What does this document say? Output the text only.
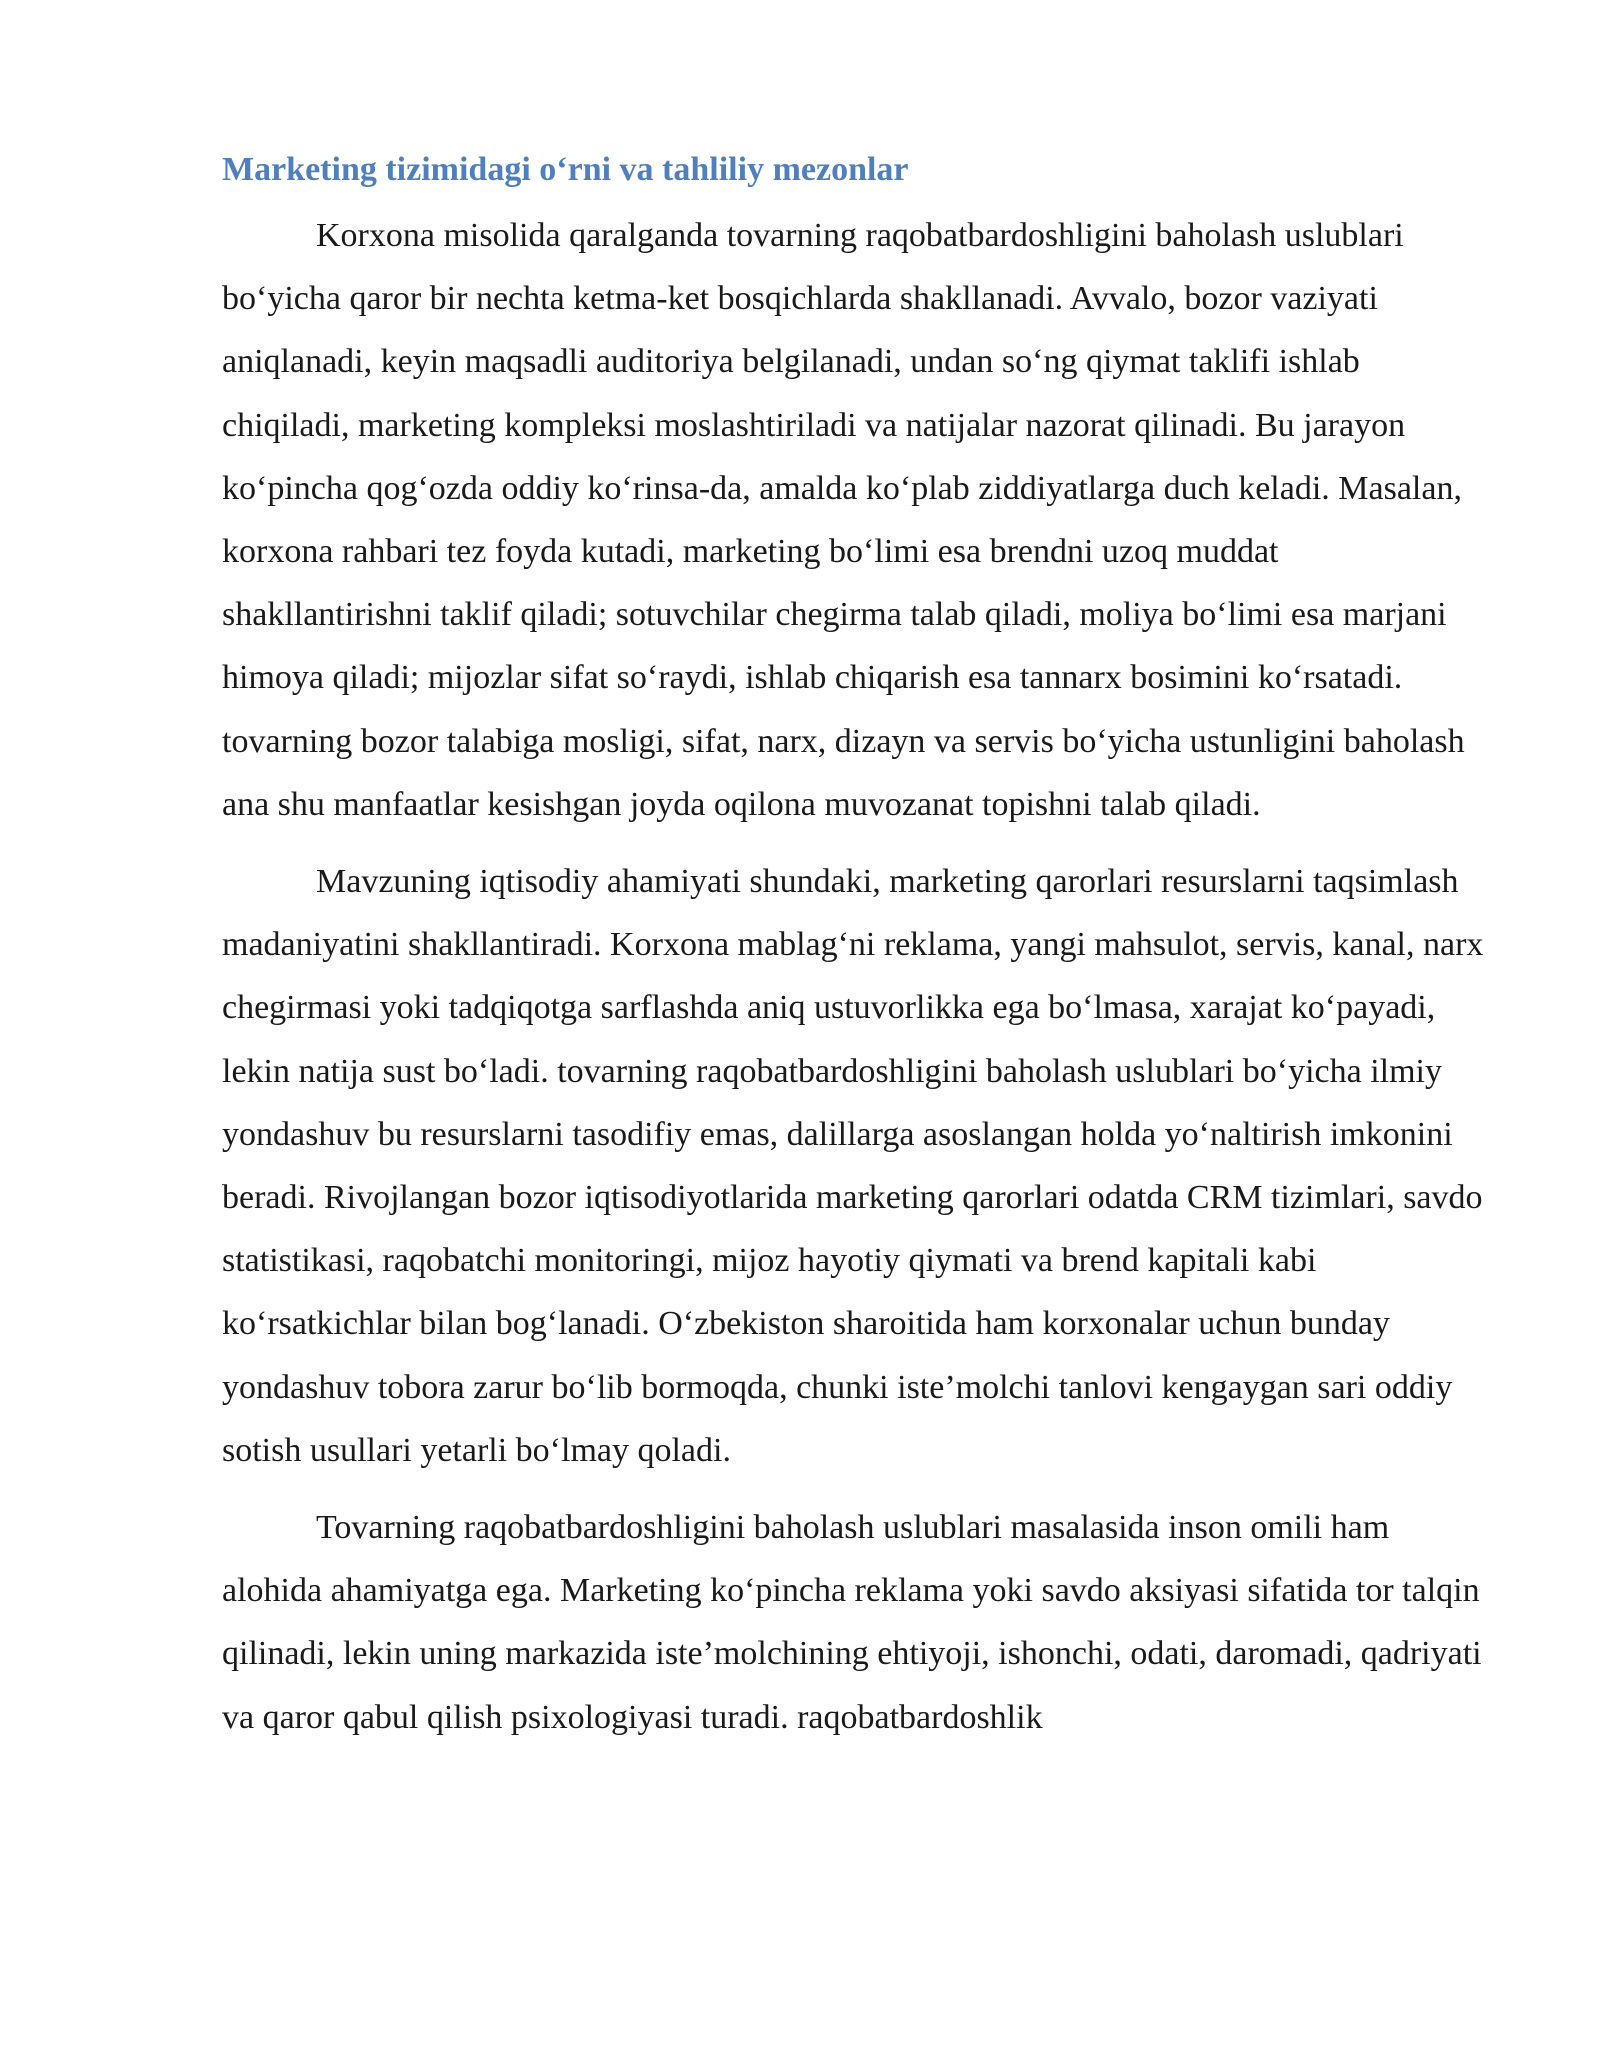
Marketing tizimidagi o‘rni va tahliliy mezonlar

Korxona misolida qaralganda tovarning raqobatbardoshligini baholash uslublari bo‘yicha qaror bir nechta ketma-ket bosqichlarda shakllanadi. Avvalo, bozor vaziyati aniqlanadi, keyin maqsadli auditoriya belgilanadi, undan so‘ng qiymat taklifi ishlab chiqiladi, marketing kompleksi moslashtiriladi va natijalar nazorat qilinadi. Bu jarayon ko‘pincha qog‘ozda oddiy ko‘rinsa-da, amalda ko‘plab ziddiyatlarga duch keladi. Masalan, korxona rahbari tez foyda kutadi, marketing bo‘limi esa brendni uzoq muddat shakllantirishni taklif qiladi; sotuvchilar chegirma talab qiladi, moliya bo‘limi esa marjani himoya qiladi; mijozlar sifat so‘raydi, ishlab chiqarish esa tannarx bosimini ko‘rsatadi. tovarning bozor talabiga mosligi, sifat, narx, dizayn va servis bo‘yicha ustunligini baholash ana shu manfaatlar kesishgan joyda oqilona muvozanat topishni talab qiladi.

Mavzuning iqtisodiy ahamiyati shundaki, marketing qarorlari resurslarni taqsimlash madaniyatini shakllantiradi. Korxona mablag‘ni reklama, yangi mahsulot, servis, kanal, narx chegirmasi yoki tadqiqotga sarflashda aniq ustuvorlikka ega bo‘lmasa, xarajat ko‘payadi, lekin natija sust bo‘ladi. tovarning raqobatbardoshligini baholash uslublari bo‘yicha ilmiy yondashuv bu resurslarni tasodifiy emas, dalillarga asoslangan holda yo‘naltirish imkonini beradi. Rivojlangan bozor iqtisodiyotlarida marketing qarorlari odatda CRM tizimlari, savdo statistikasi, raqobatchi monitoringi, mijoz hayotiy qiymati va brend kapitali kabi ko‘rsatkichlar bilan bog‘lanadi. O‘zbekiston sharoitida ham korxonalar uchun bunday yondashuv tobora zarur bo‘lib bormoqda, chunki iste’molchi tanlovi kengaygan sari oddiy sotish usullari yetarli bo‘lmay qoladi.

Tovarning raqobatbardoshligini baholash uslublari masalasida inson omili ham alohida ahamiyatga ega. Marketing ko‘pincha reklama yoki savdo aksiyasi sifatida tor talqin qilinadi, lekin uning markazida iste’molchining ehtiyoji, ishonchi, odati, daromadi, qadriyati va qaror qabul qilish psixologiyasi turadi. raqobatbardoshlik
